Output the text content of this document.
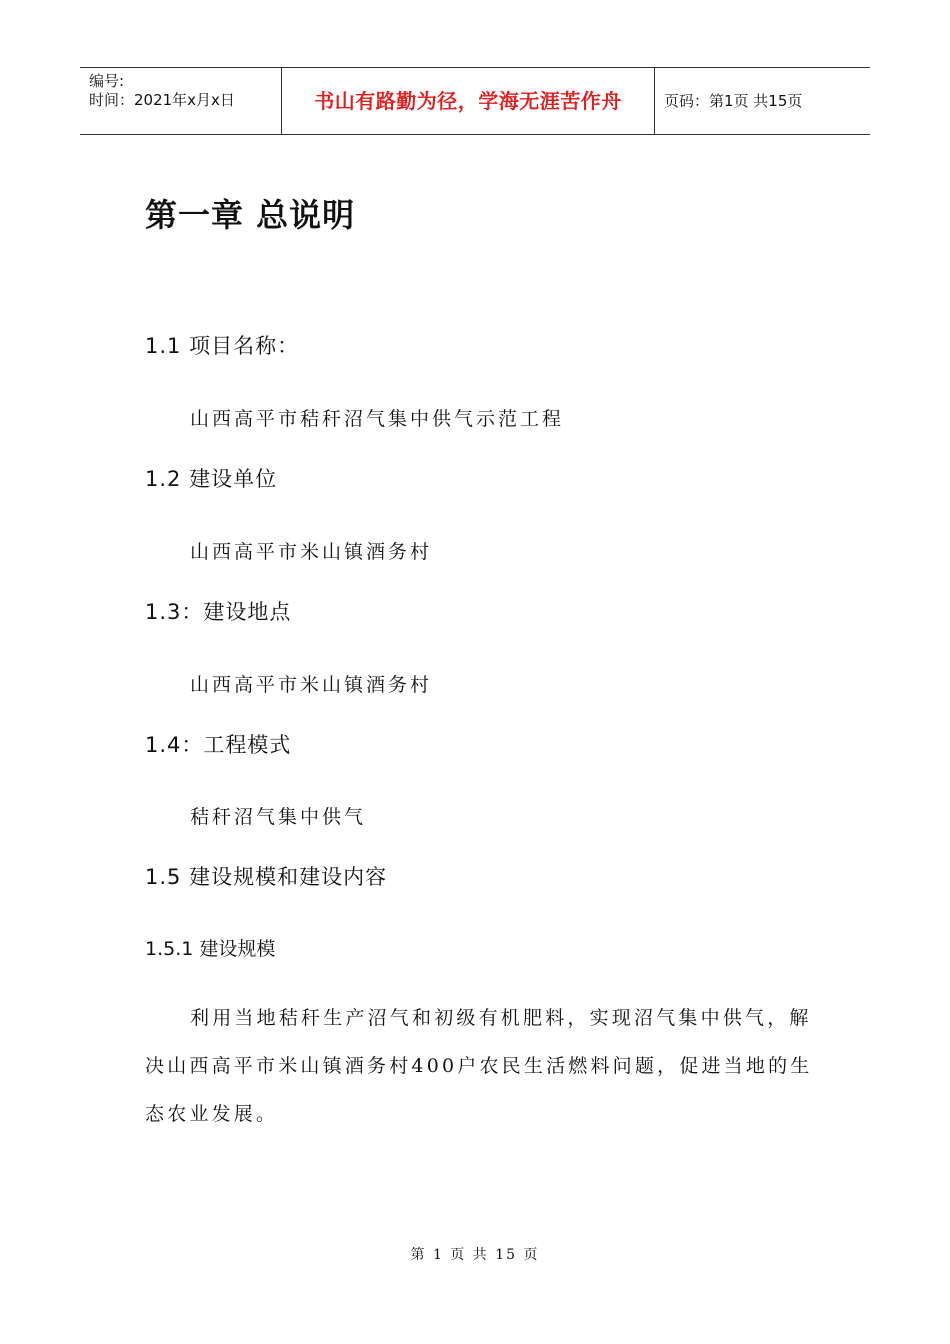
编号:
时间：2021年x月x日	书山有路勤为径，学海无涯苦作舟	页码：第1页 共15页
第一章 总说明
1.1 项目名称：
山西高平市秸秆沼气集中供气示范工程
1.2 建设单位
山西高平市米山镇酒务村
1.3：建设地点
山西高平市米山镇酒务村
1.4：工程模式
秸秆沼气集中供气
1.5 建设规模和建设内容
1.5.1 建设规模
利用当地秸秆生产沼气和初级有机肥料，实现沼气集中供气，解决山西高平市米山镇酒务村400户农民生活燃料问题，促进当地的生态农业发展。
第 1 页 共 15 页
